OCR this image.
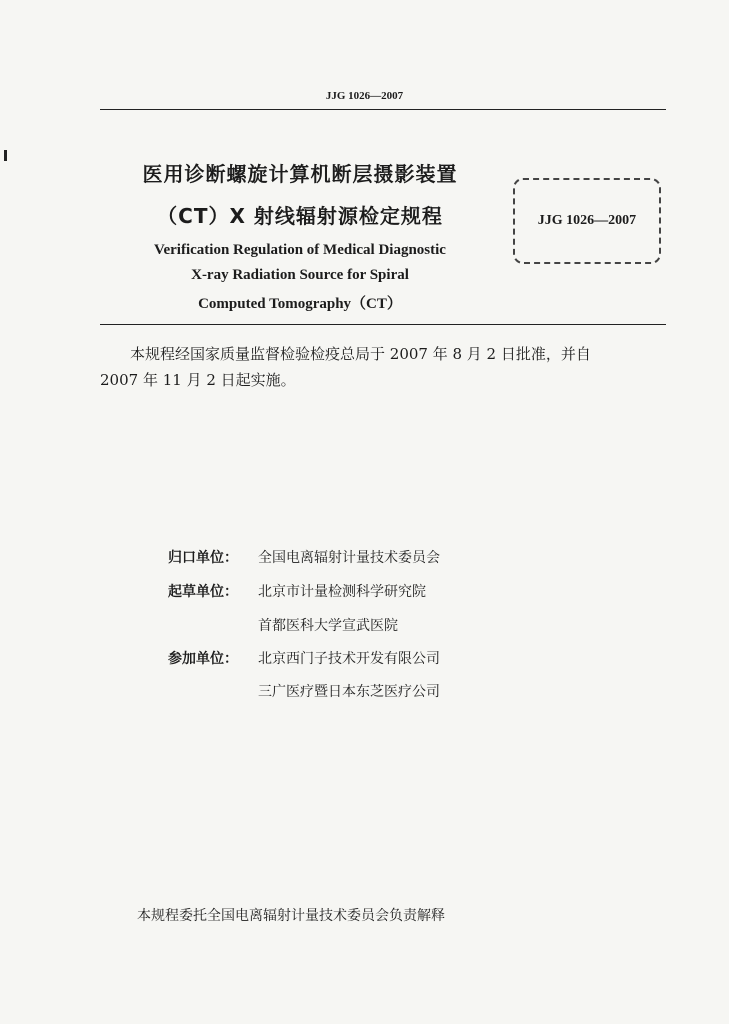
JJG 1026—2007
医用诊断螺旋计算机断层摄影装置
（CT）X 射线辐射源检定规程	JJG 1026—2007
Verification Regulation of Medical Diagnostic
X-ray Radiation Source for Spiral
Computed Tomography（CT）
本规程经国家质量监督检验检疫总局于 2007 年 8 月 2 日批准，并自
2007 年 11 月 2 日起实施。
归口单位：	全国电离辐射计量技术委员会
起草单位：	北京市计量检测科学研究院
首都医科大学宣武医院
参加单位：	北京西门子技术开发有限公司
三广医疗暨日本东芝医疗公司
本规程委托全国电离辐射计量技术委员会负责解释
